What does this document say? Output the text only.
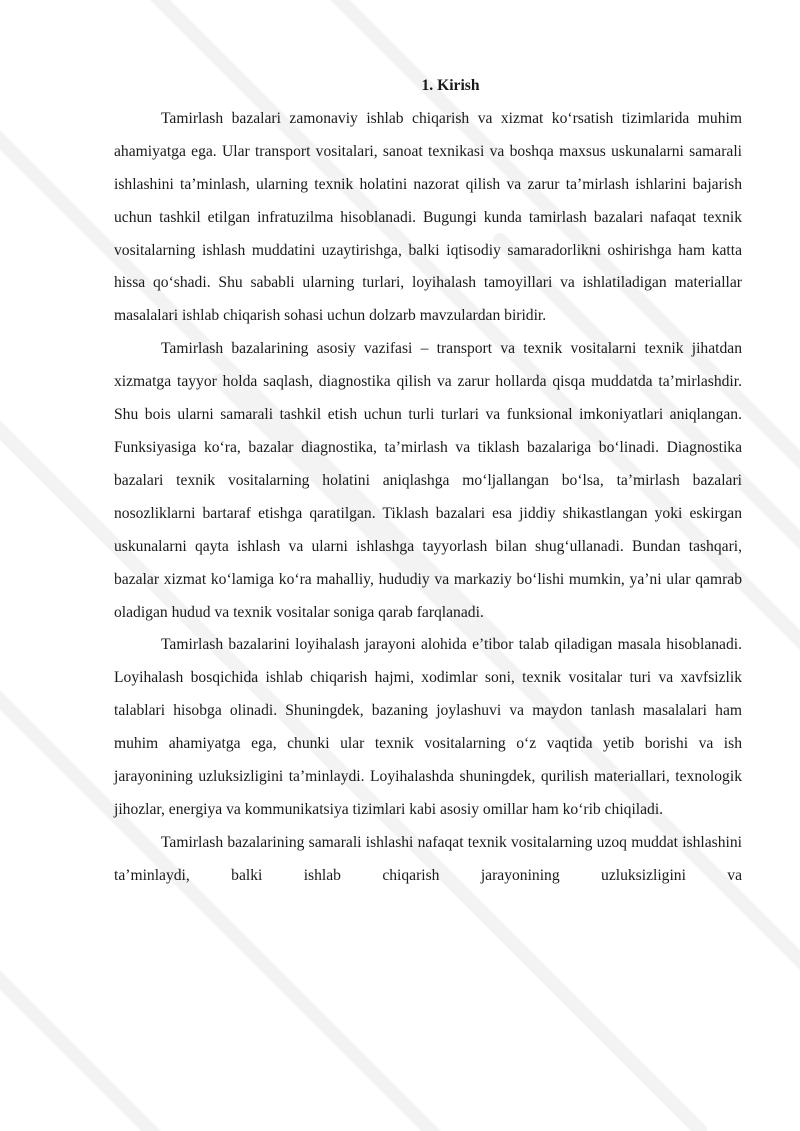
1. Kirish

Tamirlash bazalari zamonaviy ishlab chiqarish va xizmat ko‘rsatish tizimlarida muhim ahamiyatga ega. Ular transport vositalari, sanoat texnikasi va boshqa maxsus uskunalarni samarali ishlashini ta’minlash, ularning texnik holatini nazorat qilish va zarur ta’mirlash ishlarini bajarish uchun tashkil etilgan infratuzilma hisoblanadi. Bugungi kunda tamirlash bazalari nafaqat texnik vositalarning ishlash muddatini uzaytirishga, balki iqtisodiy samaradorlikni oshirishga ham katta hissa qo‘shadi. Shu sababli ularning turlari, loyihalash tamoyillari va ishlatiladigan materiallar masalalari ishlab chiqarish sohasi uchun dolzarb mavzulardan biridir.

Tamirlash bazalarining asosiy vazifasi – transport va texnik vositalarni texnik jihatdan xizmatga tayyor holda saqlash, diagnostika qilish va zarur hollarda qisqa muddatda ta’mirlashdir. Shu bois ularni samarali tashkil etish uchun turli turlari va funksional imkoniyatlari aniqlangan. Funksiyasiga ko‘ra, bazalar diagnostika, ta’mirlash va tiklash bazalariga bo‘linadi. Diagnostika bazalari texnik vositalarning holatini aniqlashga mo‘ljallangan bo‘lsa, ta’mirlash bazalari nosozliklarni bartaraf etishga qaratilgan. Tiklash bazalari esa jiddiy shikastlangan yoki eskirgan uskunalarni qayta ishlash va ularni ishlashga tayyorlash bilan shug‘ullanadi. Bundan tashqari, bazalar xizmat ko‘lamiga ko‘ra mahalliy, hududiy va markaziy bo‘lishi mumkin, ya’ni ular qamrab oladigan hudud va texnik vositalar soniga qarab farqlanadi.

Tamirlash bazalarini loyihalash jarayoni alohida e’tibor talab qiladigan masala hisoblanadi. Loyihalash bosqichida ishlab chiqarish hajmi, xodimlar soni, texnik vositalar turi va xavfsizlik talablari hisobga olinadi. Shuningdek, bazaning joylashuvi va maydon tanlash masalalari ham muhim ahamiyatga ega, chunki ular texnik vositalarning o‘z vaqtida yetib borishi va ish jarayonining uzluksizligini ta’minlaydi. Loyihalashda shuningdek, qurilish materiallari, texnologik jihozlar, energiya va kommunikatsiya tizimlari kabi asosiy omillar ham ko‘rib chiqiladi.

Tamirlash bazalarining samarali ishlashi nafaqat texnik vositalarning uzoq muddat ishlashini ta’minlaydi, balki ishlab chiqarish jarayonining uzluksizligini va
